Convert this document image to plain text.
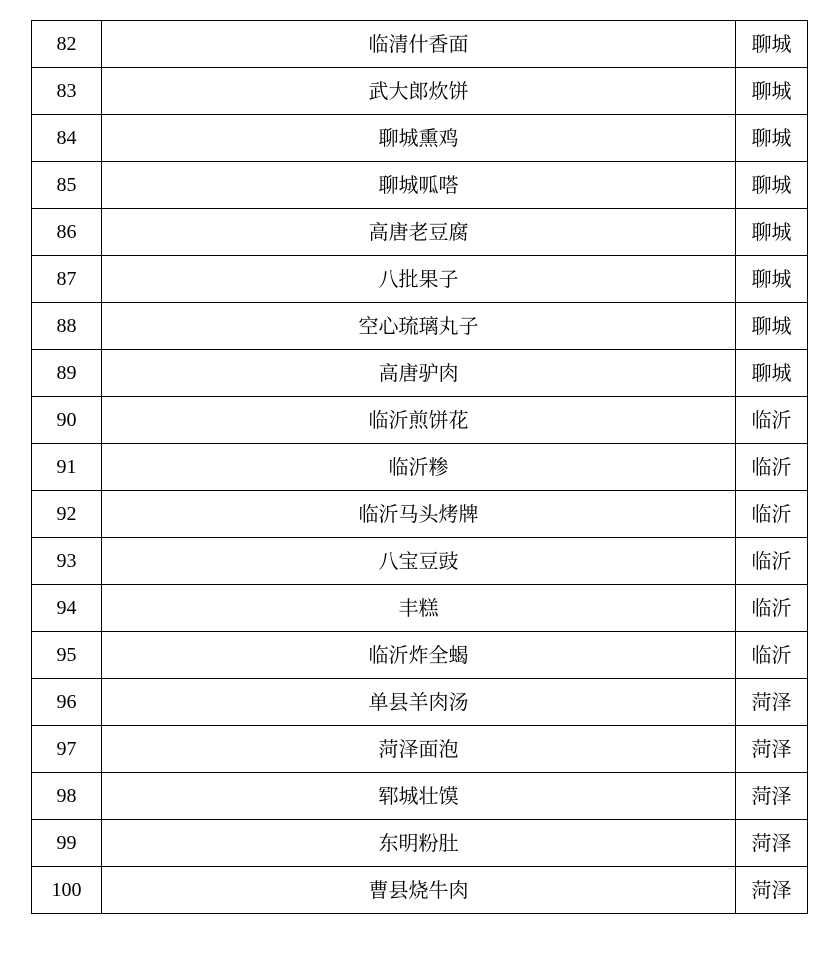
82	临清什香面	聊城
83	武大郎炊饼	聊城
84	聊城熏鸡	聊城
85	聊城呱嗒	聊城
86	高唐老豆腐	聊城
87	八批果子	聊城
88	空心琉璃丸子	聊城
89	高唐驴肉	聊城
90	临沂煎饼花	临沂
91	临沂糁	临沂
92	临沂马头烤牌	临沂
93	八宝豆豉	临沂
94	丰糕	临沂
95	临沂炸全蝎	临沂
96	单县羊肉汤	菏泽
97	菏泽面泡	菏泽
98	郓城壮馍	菏泽
99	东明粉肚	菏泽
100	曹县烧牛肉	菏泽
